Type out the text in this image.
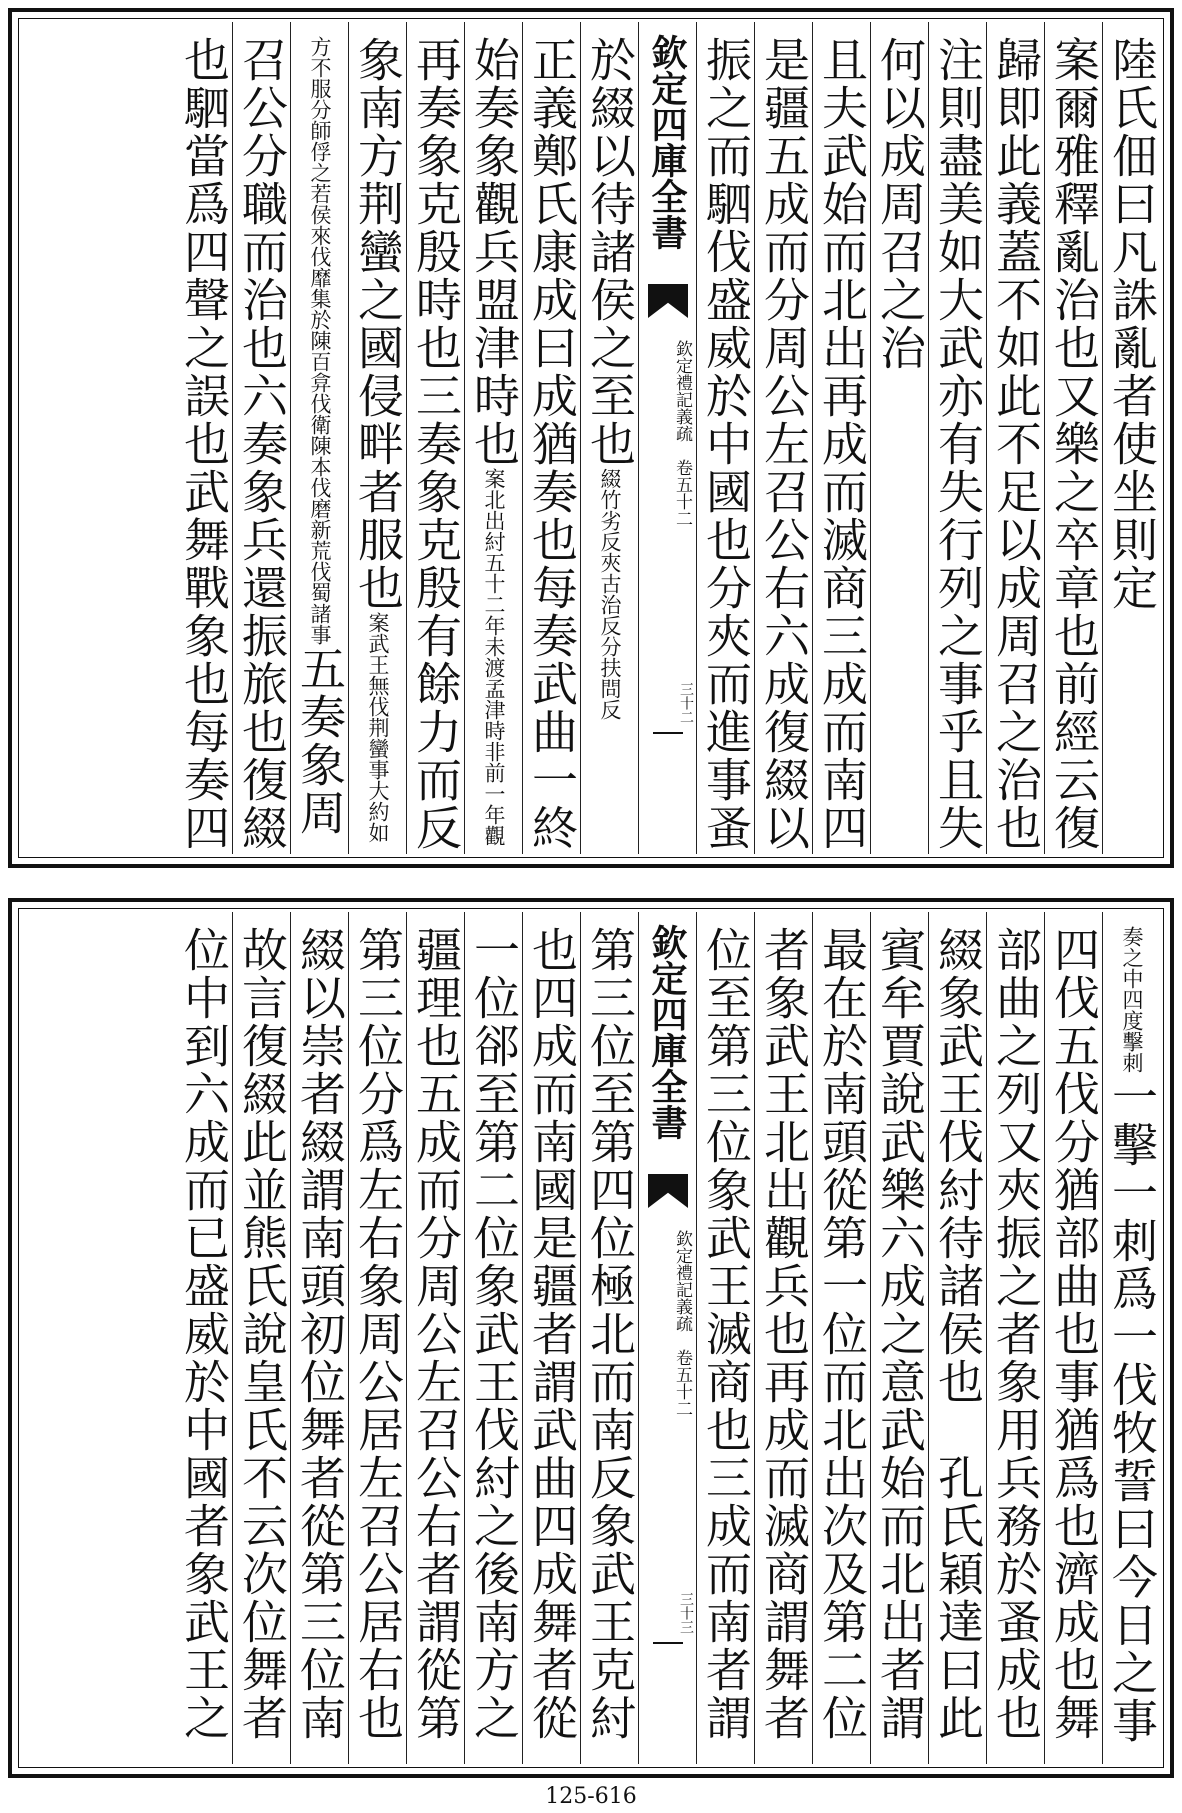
陸氏佃曰凡誅亂者使坐則定
案爾雅釋亂治也又樂之卒章也前經云復
歸即此義蓋不如此不足以成周召之治也
注則盡美如大武亦有失行列之事乎且失
何以成周召之治
且夫武始而北出再成而滅商三成而南四
是疆五成而分周公左召公右六成復綴以
振之而駟伐盛威於中國也分夾而進事蚤
欽定四庫全書
欽定禮記義疏　卷五十二
三十二
於綴以待諸侯之至也綴竹劣反夾古治反分扶問反
正義鄭氏康成曰成猶奏也每奏武曲一終
始奏象觀兵盟津時也案北出紂五十二年未渡孟津時非前一年觀
再奏象克殷時也三奏象克殷有餘力而反
象南方荆蠻之國侵畔者服也案武王無伐荆蠻事大約如
方不服分師俘之若侯來伐靡集於陳百弇伐衛陳本伐磨新荒伐蜀諸事五奏象周
召公分職而治也六奏象兵還振旅也復綴
也駟當爲四聲之誤也武舞戰象也每奏四
奏之中四度擊刺一擊一刺爲一伐牧誓曰今日之事
四伐五伐分猶部曲也事猶爲也濟成也舞
部曲之列又夾振之者象用兵務於蚤成也
綴象武王伐紂待諸侯也　孔氏穎達曰此
賓牟賈說武樂六成之意武始而北出者謂
最在於南頭從第一位而北出次及第二位
者象武王北出觀兵也再成而滅商謂舞者
位至第三位象武王滅商也三成而南者謂
欽定四庫全書
欽定禮記義疏　卷五十二
三十三
第三位至第四位極北而南反象武王克紂
也四成而南國是疆者謂武曲四成舞者從
一位郤至第二位象武王伐紂之後南方之
疆理也五成而分周公左召公右者謂從第
第三位分爲左右象周公居左召公居右也
綴以崇者綴謂南頭初位舞者從第三位南
故言復綴此並熊氏說皇氏不云次位舞者
位中到六成而已盛威於中國者象武王之
125-616
